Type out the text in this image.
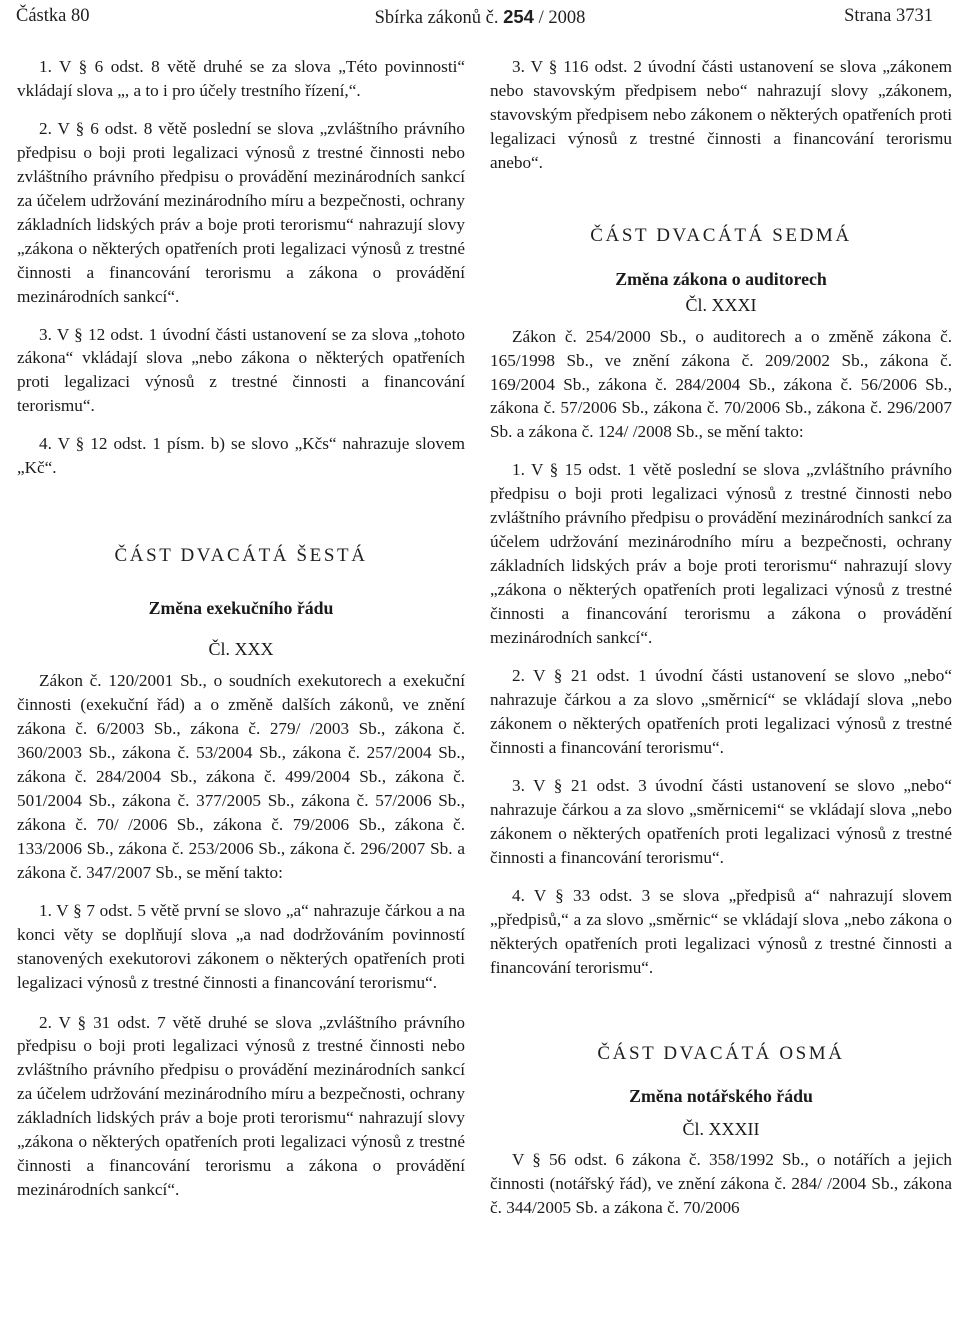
Částka 80	Sbírka zákonů č. 254 / 2008	Strana 3731

1. V § 6 odst. 8 větě druhé se za slova „Této povinnosti“ vkládají slova „, a to i pro účely trestního řízení,“.

2. V § 6 odst. 8 větě poslední se slova „zvláštního právního předpisu o boji proti legalizaci výnosů z trestné činnosti nebo zvláštního právního předpisu o provádění mezinárodních sankcí za účelem udržování mezinárodního míru a bezpečnosti, ochrany základních lidských práv a boje proti terorismu“ nahrazují slovy „zákona o některých opatřeních proti legalizaci výnosů z trestné činnosti a financování terorismu a zákona o provádění mezinárodních sankcí“.

3. V § 12 odst. 1 úvodní části ustanovení se za slova „tohoto zákona“ vkládají slova „nebo zákona o některých opatřeních proti legalizaci výnosů z trestné činnosti a financování terorismu“.

4. V § 12 odst. 1 písm. b) se slovo „Kčs“ nahrazuje slovem „Kč“.

ČÁST DVACÁTÁ ŠESTÁ

Změna exekučního řádu

Čl. XXX

Zákon č. 120/2001 Sb., o soudních exekutorech a exekuční činnosti (exekuční řád) a o změně dalších zákonů, ve znění zákona č. 6/2003 Sb., zákona č. 279/ /2003 Sb., zákona č. 360/2003 Sb., zákona č. 53/2004 Sb., zákona č. 257/2004 Sb., zákona č. 284/2004 Sb., zákona č. 499/2004 Sb., zákona č. 501/2004 Sb., zákona č. 377/2005 Sb., zákona č. 57/2006 Sb., zákona č. 70/ /2006 Sb., zákona č. 79/2006 Sb., zákona č. 133/2006 Sb., zákona č. 253/2006 Sb., zákona č. 296/2007 Sb. a zákona č. 347/2007 Sb., se mění takto:

1. V § 7 odst. 5 větě první se slovo „a“ nahrazuje čárkou a na konci věty se doplňují slova „a nad dodržováním povinností stanovených exekutorovi zákonem o některých opatřeních proti legalizaci výnosů z trestné činnosti a financování terorismu“.

2. V § 31 odst. 7 větě druhé se slova „zvláštního právního předpisu o boji proti legalizaci výnosů z trestné činnosti nebo zvláštního právního předpisu o provádění mezinárodních sankcí za účelem udržování mezinárodního míru a bezpečnosti, ochrany základních lidských práv a boje proti terorismu“ nahrazují slovy „zákona o některých opatřeních proti legalizaci výnosů z trestné činnosti a financování terorismu a zákona o provádění mezinárodních sankcí“.

3. V § 116 odst. 2 úvodní části ustanovení se slova „zákonem nebo stavovským předpisem nebo“ nahrazují slovy „zákonem, stavovským předpisem nebo zákonem o některých opatřeních proti legalizaci výnosů z trestné činnosti a financování terorismu anebo“.

ČÁST DVACÁTÁ SEDMÁ

Změna zákona o auditorech

Čl. XXXI

Zákon č. 254/2000 Sb., o auditorech a o změně zákona č. 165/1998 Sb., ve znění zákona č. 209/2002 Sb., zákona č. 169/2004 Sb., zákona č. 284/2004 Sb., zákona č. 56/2006 Sb., zákona č. 57/2006 Sb., zákona č. 70/2006 Sb., zákona č. 296/2007 Sb. a zákona č. 124/ /2008 Sb., se mění takto:

1. V § 15 odst. 1 větě poslední se slova „zvláštního právního předpisu o boji proti legalizaci výnosů z trestné činnosti nebo zvláštního právního předpisu o provádění mezinárodních sankcí za účelem udržování mezinárodního míru a bezpečnosti, ochrany základních lidských práv a boje proti terorismu“ nahrazují slovy „zákona o některých opatřeních proti legalizaci výnosů z trestné činnosti a financování terorismu a zákona o provádění mezinárodních sankcí“.

2. V § 21 odst. 1 úvodní části ustanovení se slovo „nebo“ nahrazuje čárkou a za slovo „směrnicí“ se vkládají slova „nebo zákonem o některých opatřeních proti legalizaci výnosů z trestné činnosti a financování terorismu“.

3. V § 21 odst. 3 úvodní části ustanovení se slovo „nebo“ nahrazuje čárkou a za slovo „směrnicemi“ se vkládají slova „nebo zákonem o některých opatřeních proti legalizaci výnosů z trestné činnosti a financování terorismu“.

4. V § 33 odst. 3 se slova „předpisů a“ nahrazují slovem „předpisů,“ a za slovo „směrnic“ se vkládají slova „nebo zákona o některých opatřeních proti legalizaci výnosů z trestné činnosti a financování terorismu“.

ČÁST DVACÁTÁ OSMÁ

Změna notářského řádu

Čl. XXXII

V § 56 odst. 6 zákona č. 358/1992 Sb., o notářích a jejich činnosti (notářský řád), ve znění zákona č. 284/ /2004 Sb., zákona č. 344/2005 Sb. a zákona č. 70/2006
